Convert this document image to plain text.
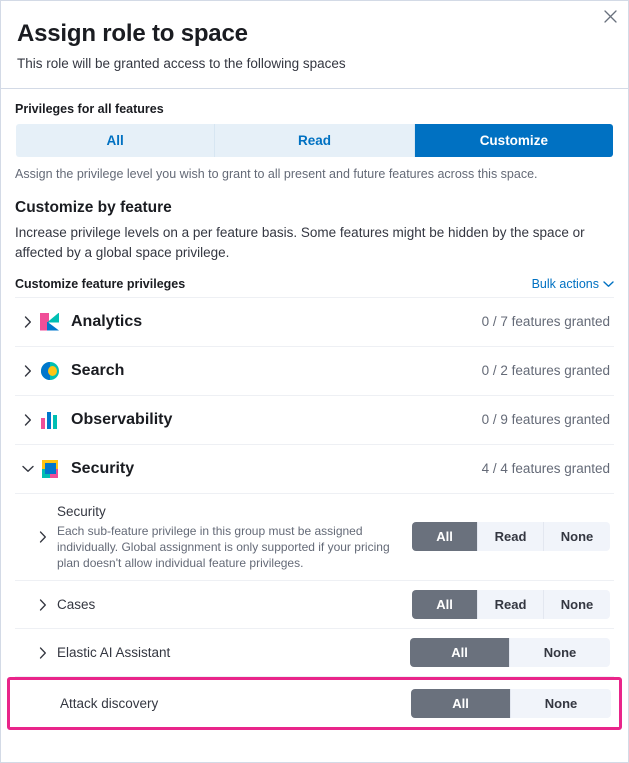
Assign role to space

This role will be granted access to the following spaces

Privileges for all features
All	Read	Customize
Assign the privilege level you wish to grant to all present and future features across this space.
Customize by feature
Increase privilege levels on a per feature basis. Some features might be hidden by the space or affected by a global space privilege.
Customize feature privileges	Bulk actions
Analytics	0 / 7 features granted
Search	0 / 2 features granted
Observability	0 / 9 features granted
Security	4 / 4 features granted
Security
Each sub-feature privilege in this group must be assigned individually. Global assignment is only supported if your pricing plan doesn't allow individual feature privileges.
All	Read	None
Cases	All	Read	None
Elastic AI Assistant	All	None
Attack discovery	All	None
